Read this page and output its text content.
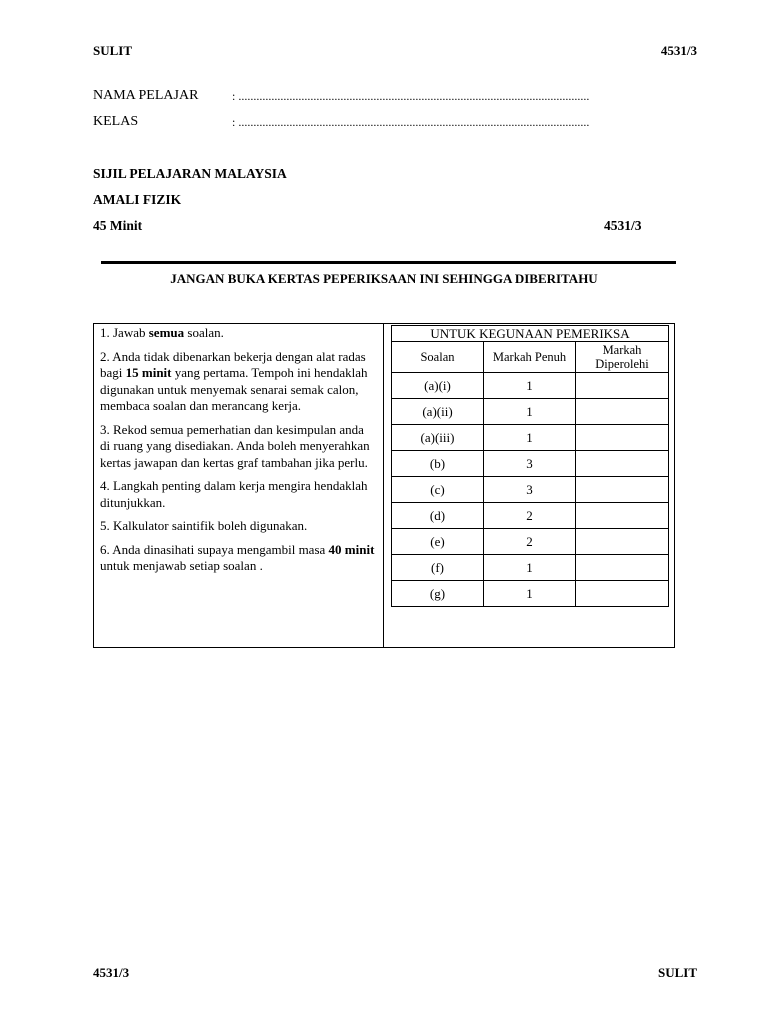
SULIT	4531/3
NAMA PELAJAR	: .....................................................................................................................
KELAS	: .....................................................................................................................
SIJIL PELAJARAN MALAYSIA
AMALI FIZIK
45 Minit	4531/3
JANGAN BUKA KERTAS PEPERIKSAAN INI SEHINGGA DIBERITAHU

1. Jawab semua soalan.

2. Anda tidak dibenarkan bekerja dengan alat radas bagi 15 minit yang pertama. Tempoh ini hendaklah digunakan untuk menyemak senarai semak calon, membaca soalan dan merancang kerja.

3. Rekod semua pemerhatian dan kesimpulan anda di ruang yang disediakan. Anda boleh menyerahkan kertas jawapan dan kertas graf tambahan jika perlu.

4. Langkah penting dalam kerja mengira hendaklah ditunjukkan.

5. Kalkulator saintifik boleh digunakan.

6. Anda dinasihati supaya mengambil masa 40 minit untuk menjawab setiap soalan .

UNTUK KEGUNAAN PEMERIKSA		
Soalan	Markah Penuh	Markah Diperolehi
(a)(i)	1	
(a)(ii)	1	
(a)(iii)	1	
(b)	3	
(c)	3	
(d)	2	
(e)	2	
(f)	1	
(g)	1	
4531/3	SULIT
